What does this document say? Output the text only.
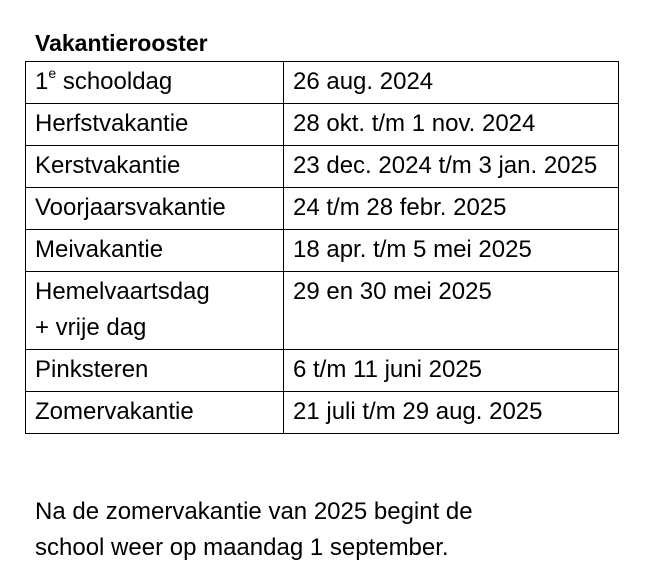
Vakantierooster
1e schooldag	26 aug. 2024
Herfstvakantie	28 okt. t/m 1 nov. 2024
Kerstvakantie	23 dec. 2024 t/m 3 jan. 2025
Voorjaarsvakantie	24 t/m 28 febr. 2025
Meivakantie	18 apr. t/m 5 mei 2025
Hemelvaartsdag
+ vrije dag	29 en 30 mei 2025
Pinksteren	6 t/m 11 juni 2025
Zomervakantie	21 juli t/m 29 aug. 2025

Na de zomervakantie van 2025 begint de
school weer op maandag 1 september.
